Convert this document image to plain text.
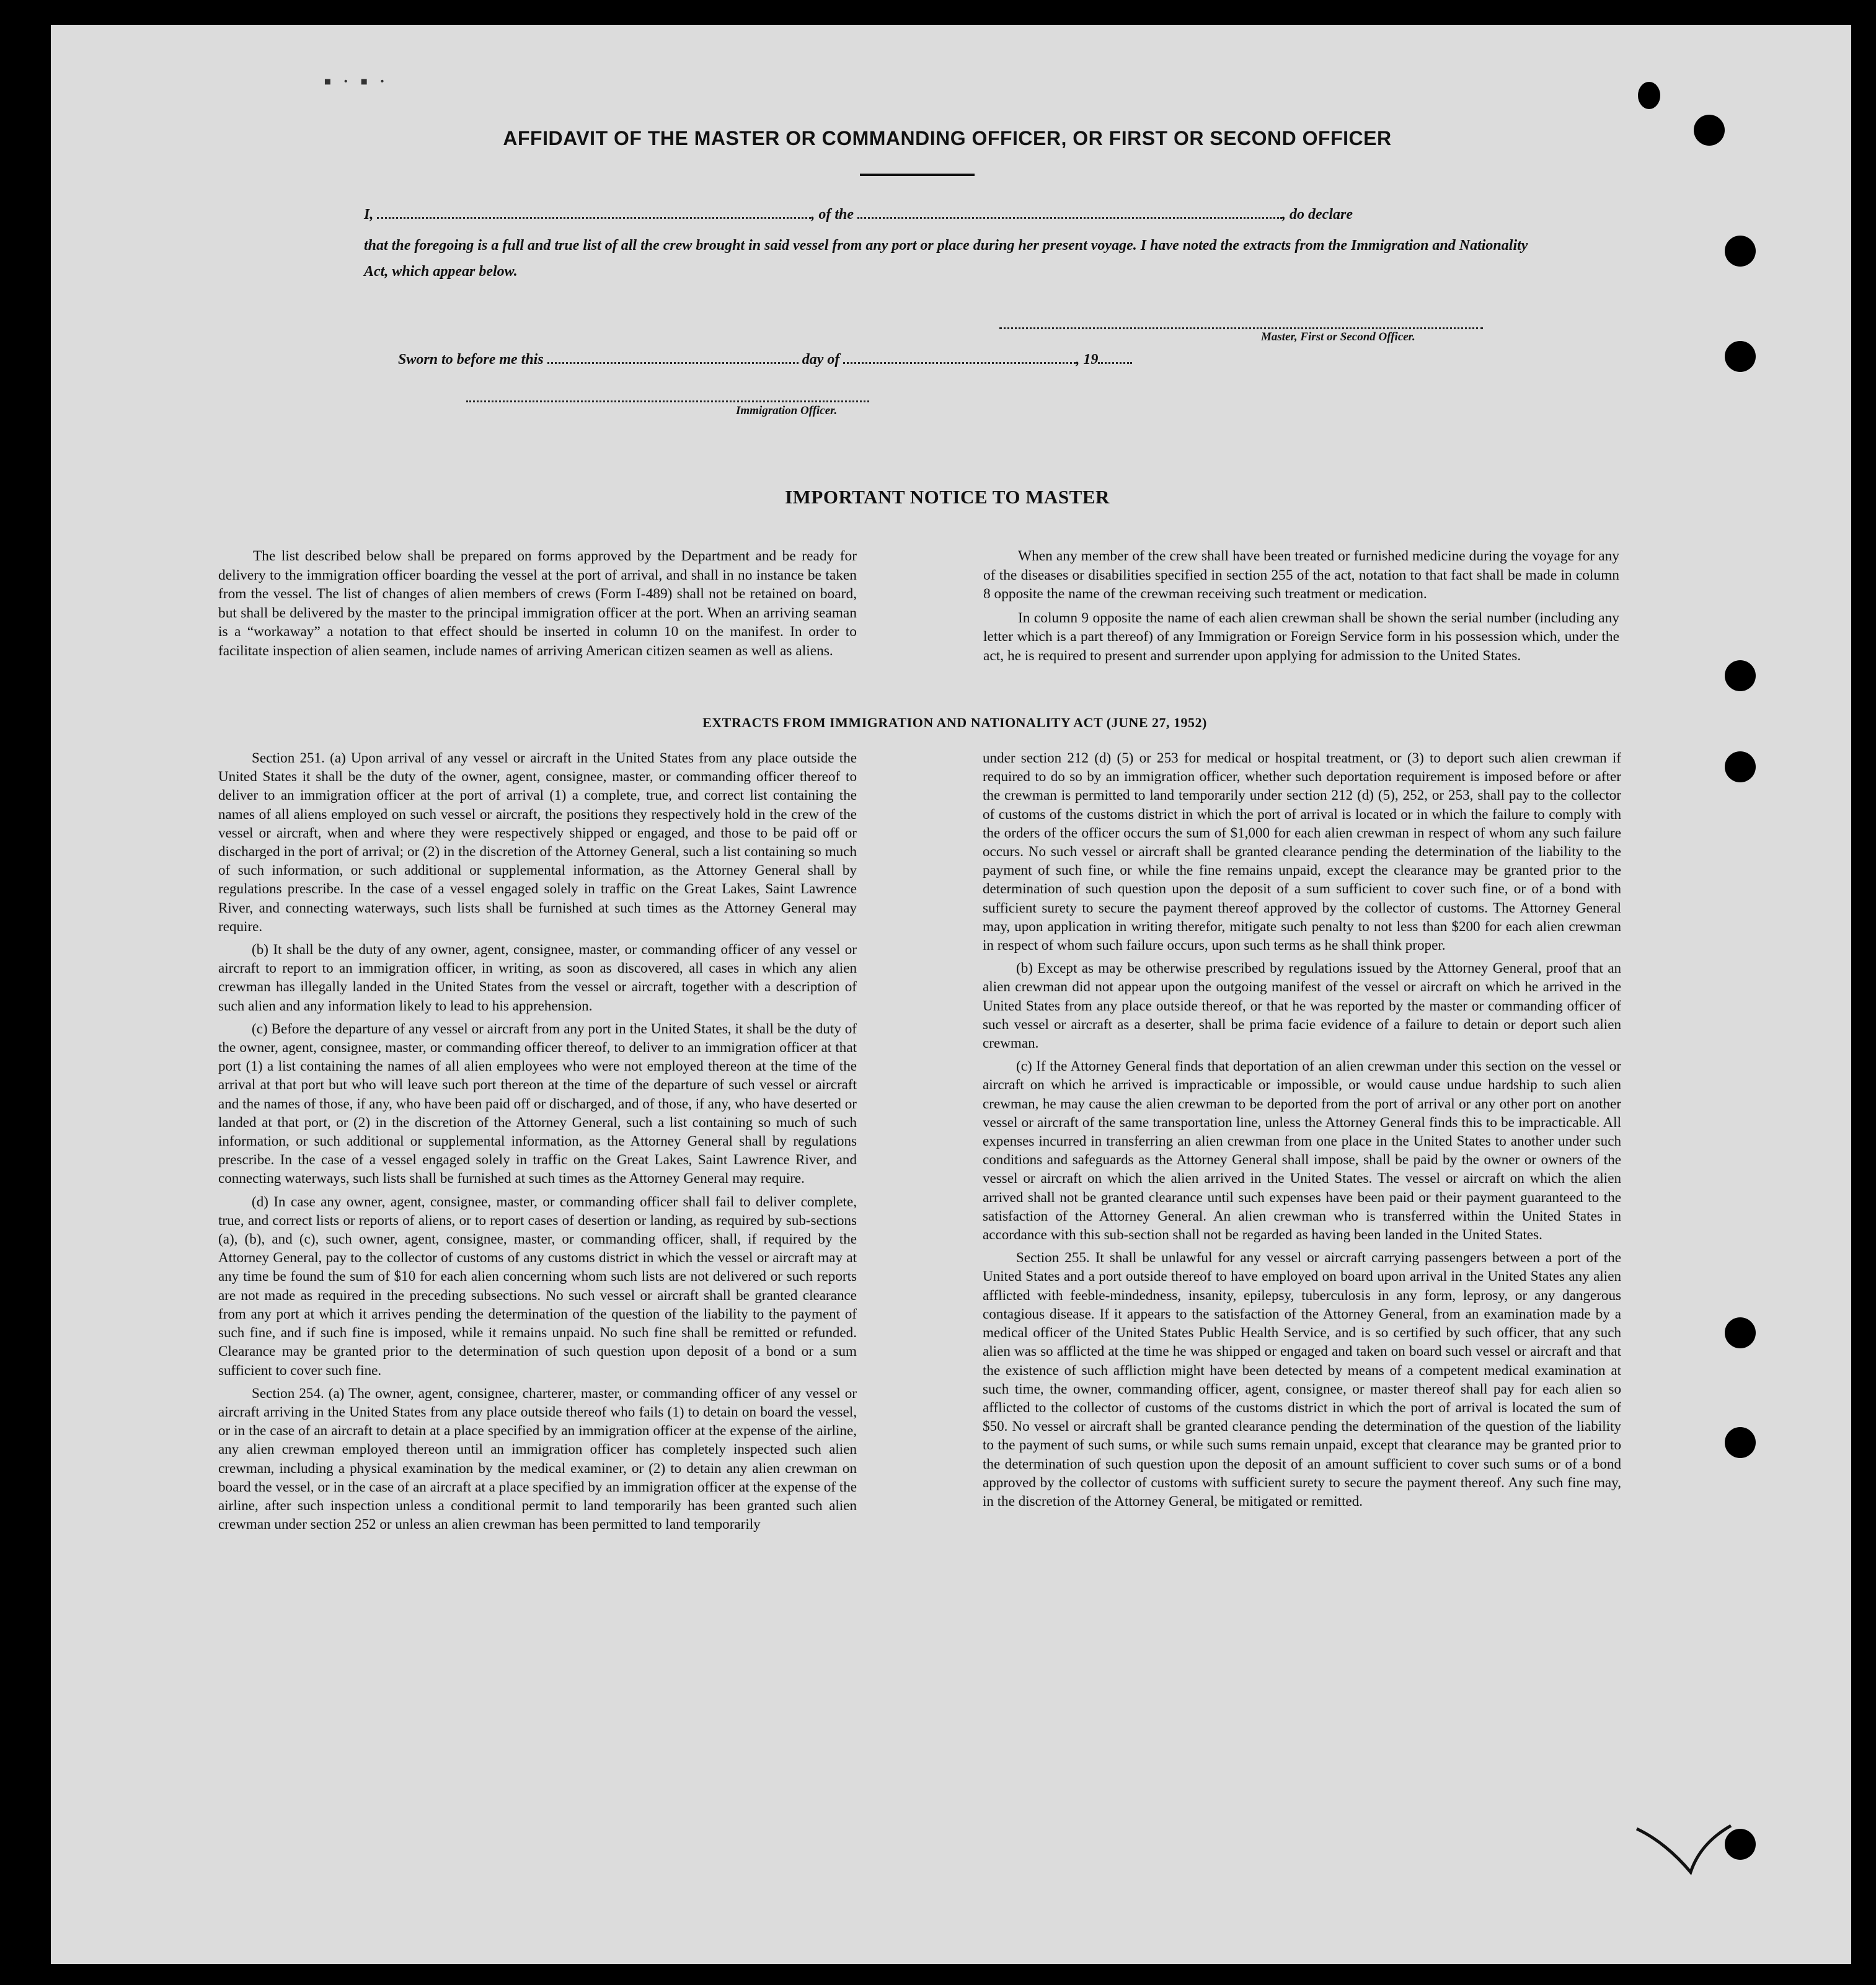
▪ · ▪ ·
AFFIDAVIT OF THE MASTER OR COMMANDING OFFICER, OR FIRST OR SECOND OFFICER
I,	, of the	, do declare
that the foregoing is a full and true list of all the crew brought in said vessel from any port or place during her present voyage. I have noted the extracts from the Immigration and Nationality Act, which appear below.
Master, First or Second Officer.
Sworn to before me this	day of	, 19
Immigration Officer.
IMPORTANT NOTICE TO MASTER

The list described below shall be prepared on forms approved by the Department and be ready for delivery to the immigration officer boarding the vessel at the port of arrival, and shall in no instance be taken from the vessel. The list of changes of alien members of crews (Form I-489) shall not be retained on board, but shall be delivered by the master to the principal immigration officer at the port. When an arriving seaman is a “workaway” a notation to that effect should be inserted in column 10 on the manifest. In order to facilitate inspection of alien seamen, include names of arriving American citizen seamen as well as aliens.

When any member of the crew shall have been treated or furnished medicine during the voyage for any of the diseases or disabilities specified in section 255 of the act, notation to that fact shall be made in column 8 opposite the name of the crewman receiving such treatment or medication.

In column 9 opposite the name of each alien crewman shall be shown the serial number (including any letter which is a part thereof) of any Immigration or Foreign Service form in his possession which, under the act, he is required to present and surrender upon applying for admission to the United States.

EXTRACTS FROM IMMIGRATION AND NATIONALITY ACT (JUNE 27, 1952)

Section 251. (a) Upon arrival of any vessel or aircraft in the United States from any place outside the United States it shall be the duty of the owner, agent, consignee, master, or commanding officer thereof to deliver to an immigration officer at the port of arrival (1) a complete, true, and correct list containing the names of all aliens employed on such vessel or aircraft, the positions they respectively hold in the crew of the vessel or aircraft, when and where they were respectively shipped or engaged, and those to be paid off or discharged in the port of arrival; or (2) in the discretion of the Attorney General, such a list containing so much of such information, or such additional or supplemental information, as the Attorney General shall by regulations prescribe. In the case of a vessel engaged solely in traffic on the Great Lakes, Saint Lawrence River, and connecting waterways, such lists shall be furnished at such times as the Attorney General may require.

(b) It shall be the duty of any owner, agent, consignee, master, or commanding officer of any vessel or aircraft to report to an immigration officer, in writing, as soon as discovered, all cases in which any alien crewman has illegally landed in the United States from the vessel or aircraft, together with a description of such alien and any information likely to lead to his apprehension.

(c) Before the departure of any vessel or aircraft from any port in the United States, it shall be the duty of the owner, agent, consignee, master, or commanding officer thereof, to deliver to an immigration officer at that port (1) a list containing the names of all alien employees who were not employed thereon at the time of the arrival at that port but who will leave such port thereon at the time of the departure of such vessel or aircraft and the names of those, if any, who have been paid off or discharged, and of those, if any, who have deserted or landed at that port, or (2) in the discretion of the Attorney General, such a list containing so much of such information, or such additional or supplemental information, as the Attorney General shall by regulations prescribe. In the case of a vessel engaged solely in traffic on the Great Lakes, Saint Lawrence River, and connecting waterways, such lists shall be furnished at such times as the Attorney General may require.

(d) In case any owner, agent, consignee, master, or commanding officer shall fail to deliver complete, true, and correct lists or reports of aliens, or to report cases of desertion or landing, as required by sub-sections (a), (b), and (c), such owner, agent, consignee, master, or commanding officer, shall, if required by the Attorney General, pay to the collector of customs of any customs district in which the vessel or aircraft may at any time be found the sum of $10 for each alien concerning whom such lists are not delivered or such reports are not made as required in the preceding subsections. No such vessel or aircraft shall be granted clearance from any port at which it arrives pending the determination of the question of the liability to the payment of such fine, and if such fine is imposed, while it remains unpaid. No such fine shall be remitted or refunded. Clearance may be granted prior to the determination of such question upon deposit of a bond or a sum sufficient to cover such fine.

Section 254. (a) The owner, agent, consignee, charterer, master, or commanding officer of any vessel or aircraft arriving in the United States from any place outside thereof who fails (1) to detain on board the vessel, or in the case of an aircraft to detain at a place specified by an immigration officer at the expense of the airline, any alien crewman employed thereon until an immigration officer has completely inspected such alien crewman, including a physical examination by the medical examiner, or (2) to detain any alien crewman on board the vessel, or in the case of an aircraft at a place specified by an immigration officer at the expense of the airline, after such inspection unless a conditional permit to land temporarily has been granted such alien crewman under section 252 or unless an alien crewman has been permitted to land temporarily

under section 212 (d) (5) or 253 for medical or hospital treatment, or (3) to deport such alien crewman if required to do so by an immigration officer, whether such deportation requirement is imposed before or after the crewman is permitted to land temporarily under section 212 (d) (5), 252, or 253, shall pay to the collector of customs of the customs district in which the port of arrival is located or in which the failure to comply with the orders of the officer occurs the sum of $1,000 for each alien crewman in respect of whom any such failure occurs. No such vessel or aircraft shall be granted clearance pending the determination of the liability to the payment of such fine, or while the fine remains unpaid, except the clearance may be granted prior to the determination of such question upon the deposit of a sum sufficient to cover such fine, or of a bond with sufficient surety to secure the payment thereof approved by the collector of customs. The Attorney General may, upon application in writing therefor, mitigate such penalty to not less than $200 for each alien crewman in respect of whom such failure occurs, upon such terms as he shall think proper.

(b) Except as may be otherwise prescribed by regulations issued by the Attorney General, proof that an alien crewman did not appear upon the outgoing manifest of the vessel or aircraft on which he arrived in the United States from any place outside thereof, or that he was reported by the master or commanding officer of such vessel or aircraft as a deserter, shall be prima facie evidence of a failure to detain or deport such alien crewman.

(c) If the Attorney General finds that deportation of an alien crewman under this section on the vessel or aircraft on which he arrived is impracticable or impossible, or would cause undue hardship to such alien crewman, he may cause the alien crewman to be deported from the port of arrival or any other port on another vessel or aircraft of the same transportation line, unless the Attorney General finds this to be impracticable. All expenses incurred in transferring an alien crewman from one place in the United States to another under such conditions and safeguards as the Attorney General shall impose, shall be paid by the owner or owners of the vessel or aircraft on which the alien arrived in the United States. The vessel or aircraft on which the alien arrived shall not be granted clearance until such expenses have been paid or their payment guaranteed to the satisfaction of the Attorney General. An alien crewman who is transferred within the United States in accordance with this sub-section shall not be regarded as having been landed in the United States.

Section 255. It shall be unlawful for any vessel or aircraft carrying passengers between a port of the United States and a port outside thereof to have employed on board upon arrival in the United States any alien afflicted with feeble-mindedness, insanity, epilepsy, tuberculosis in any form, leprosy, or any dangerous contagious disease. If it appears to the satisfaction of the Attorney General, from an examination made by a medical officer of the United States Public Health Service, and is so certified by such officer, that any such alien was so afflicted at the time he was shipped or engaged and taken on board such vessel or aircraft and that the existence of such affliction might have been detected by means of a competent medical examination at such time, the owner, commanding officer, agent, consignee, or master thereof shall pay for each alien so afflicted to the collector of customs of the customs district in which the port of arrival is located the sum of $50. No vessel or aircraft shall be granted clearance pending the determination of the question of the liability to the payment of such sums, or while such sums remain unpaid, except that clearance may be granted prior to the determination of such question upon the deposit of an amount sufficient to cover such sums or of a bond approved by the collector of customs with sufficient surety to secure the payment thereof. Any such fine may, in the discretion of the Attorney General, be mitigated or remitted.
